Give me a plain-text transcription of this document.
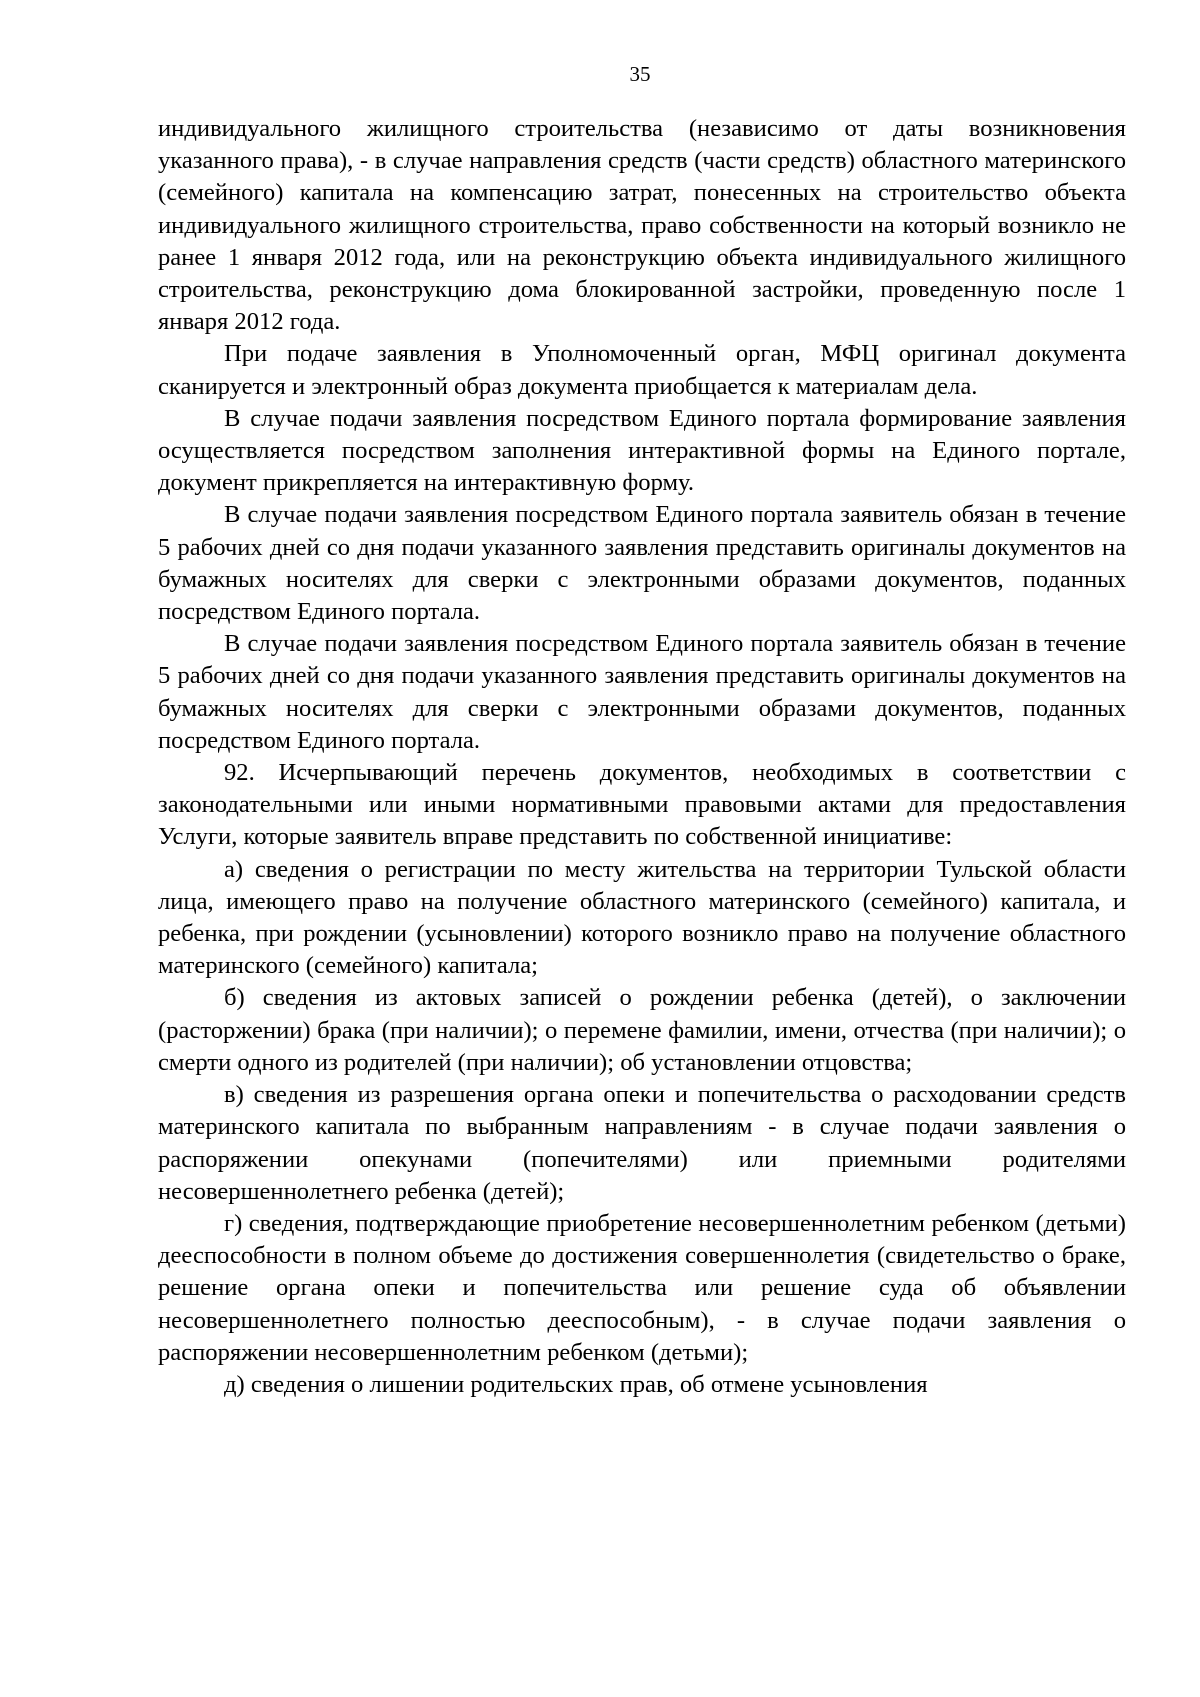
35

индивидуального жилищного строительства (независимо от даты возникновения указанного права), - в случае направления средств (части средств) областного материнского (семейного) капитала на компенсацию затрат, понесенных на строительство объекта индивидуального жилищного строительства, право собственности на который возникло не ранее 1 января 2012 года, или на реконструкцию объекта индивидуального жилищного строительства, реконструкцию дома блокированной застройки, проведенную после 1 января 2012 года.

При подаче заявления в Уполномоченный орган, МФЦ оригинал документа сканируется и электронный образ документа приобщается к материалам дела.

В случае подачи заявления посредством Единого портала формирование заявления осуществляется посредством заполнения интерактивной формы на Единого портале, документ прикрепляется на интерактивную форму.

В случае подачи заявления посредством Единого портала заявитель обязан в течение 5 рабочих дней со дня подачи указанного заявления представить оригиналы документов на бумажных носителях для сверки с электронными образами документов, поданных посредством Единого портала.

В случае подачи заявления посредством Единого портала заявитель обязан в течение 5 рабочих дней со дня подачи указанного заявления представить оригиналы документов на бумажных носителях для сверки с электронными образами документов, поданных посредством Единого портала.

92. Исчерпывающий перечень документов, необходимых в соответствии с законодательными или иными нормативными правовыми актами для предоставления Услуги, которые заявитель вправе представить по собственной инициативе:

а) сведения о регистрации по месту жительства на территории Тульской области лица, имеющего право на получение областного материнского (семейного) капитала, и ребенка, при рождении (усыновлении) которого возникло право на получение областного материнского (семейного) капитала;

б) сведения из актовых записей о рождении ребенка (детей), о заключении (расторжении) брака (при наличии); о перемене фамилии, имени, отчества (при наличии); о смерти одного из родителей (при наличии); об установлении отцовства;

в) сведения из разрешения органа опеки и попечительства о расходовании средств материнского капитала по выбранным направлениям - в случае подачи заявления о распоряжении опекунами (попечителями) или приемными родителями несовершеннолетнего ребенка (детей);

г) сведения, подтверждающие приобретение несовершеннолетним ребенком (детьми) дееспособности в полном объеме до достижения совершеннолетия (свидетельство о браке, решение органа опеки и попечительства или решение суда об объявлении несовершеннолетнего полностью дееспособным), - в случае подачи заявления о распоряжении несовершеннолетним ребенком (детьми);

д) сведения о лишении родительских прав, об отмене усыновления
